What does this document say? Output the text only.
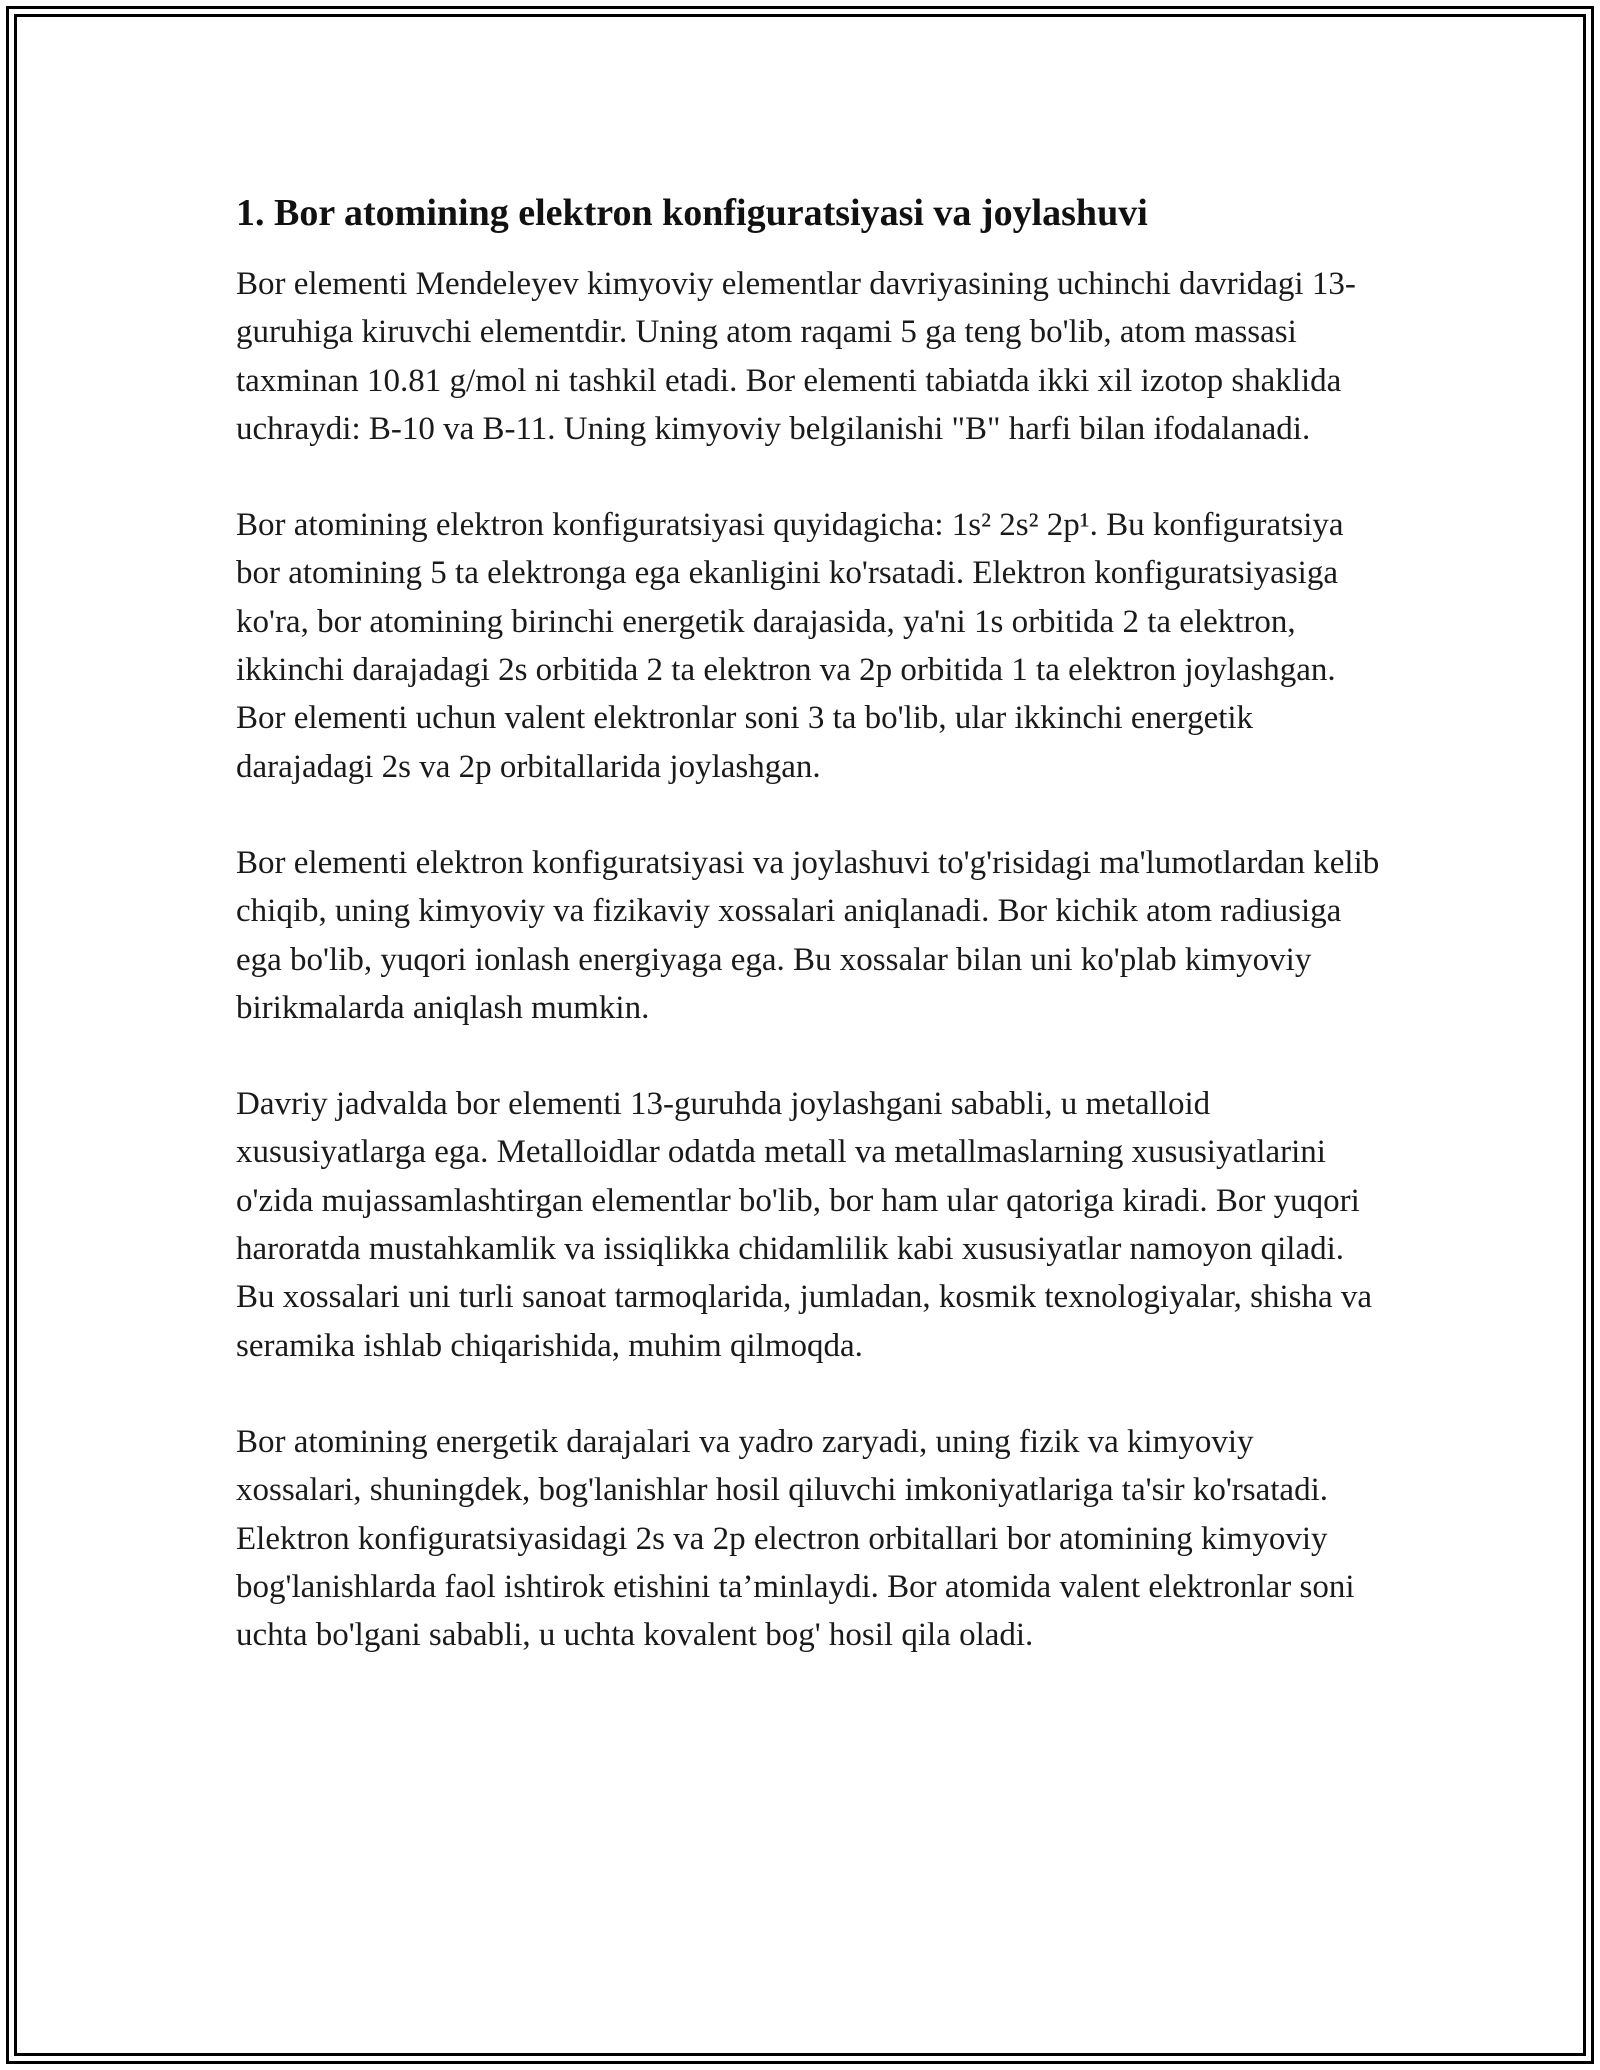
1. Bor atomining elektron konfiguratsiyasi va joylashuvi

Bor elementi Mendeleyev kimyoviy elementlar davriyasining uchinchi davridagi 13-guruhiga kiruvchi elementdir. Uning atom raqami 5 ga teng bo'lib, atom massasi taxminan 10.81 g/mol ni tashkil etadi. Bor elementi tabiatda ikki xil izotop shaklida uchraydi: B-10 va B-11. Uning kimyoviy belgilanishi "B" harfi bilan ifodalanadi.

Bor atomining elektron konfiguratsiyasi quyidagicha: 1s² 2s² 2p¹. Bu konfiguratsiya bor atomining 5 ta elektronga ega ekanligini ko'rsatadi. Elektron konfiguratsiyasiga ko'ra, bor atomining birinchi energetik darajasida, ya'ni 1s orbitida 2 ta elektron, ikkinchi darajadagi 2s orbitida 2 ta elektron va 2p orbitida 1 ta elektron joylashgan. Bor elementi uchun valent elektronlar soni 3 ta bo'lib, ular ikkinchi energetik darajadagi 2s va 2p orbitallarida joylashgan.

Bor elementi elektron konfiguratsiyasi va joylashuvi to'g'risidagi ma'lumotlardan kelib chiqib, uning kimyoviy va fizikaviy xossalari aniqlanadi. Bor kichik atom radiusiga ega bo'lib, yuqori ionlash energiyaga ega. Bu xossalar bilan uni ko'plab kimyoviy birikmalarda aniqlash mumkin.

Davriy jadvalda bor elementi 13-guruhda joylashgani sababli, u metalloid xususiyatlarga ega. Metalloidlar odatda metall va metallmaslarning xususiyatlarini o'zida mujassamlashtirgan elementlar bo'lib, bor ham ular qatoriga kiradi. Bor yuqori haroratda mustahkamlik va issiqlikka chidamlilik kabi xususiyatlar namoyon qiladi. Bu xossalari uni turli sanoat tarmoqlarida, jumladan, kosmik texnologiyalar, shisha va seramika ishlab chiqarishida, muhim qilmoqda.

Bor atomining energetik darajalari va yadro zaryadi, uning fizik va kimyoviy xossalari, shuningdek, bog'lanishlar hosil qiluvchi imkoniyatlariga ta'sir ko'rsatadi. Elektron konfiguratsiyasidagi 2s va 2p electron orbitallari bor atomining kimyoviy bog'lanishlarda faol ishtirok etishini ta’minlaydi. Bor atomida valent elektronlar soni uchta bo'lgani sababli, u uchta kovalent bog' hosil qila oladi.
